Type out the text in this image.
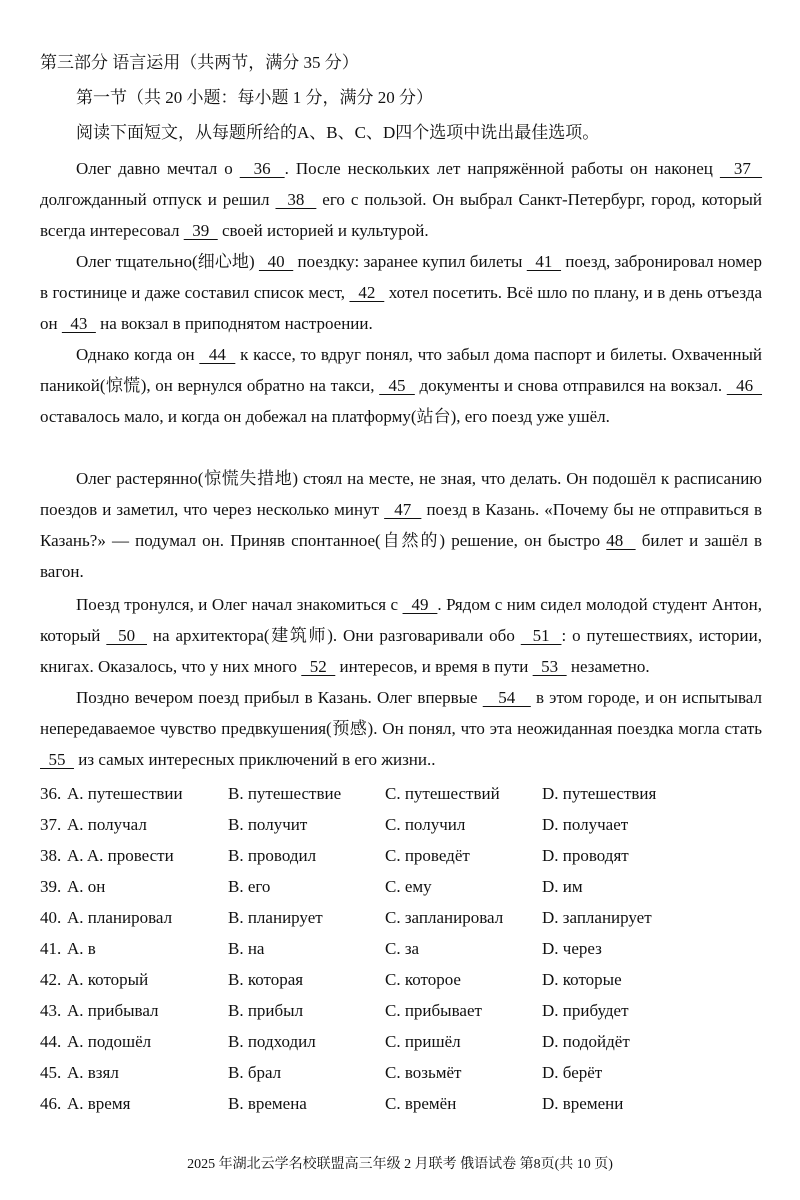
第三部分 语言运用（共两节，满分 35 分）
第一节（共 20 小题：每小题 1 分，满分 20 分）
阅读下面短文，从每题所给的A、B、C、D四个选项中诜出最佳选项。
Олег давно мечтал о   36  . После нескольких лет напряжённой работы он наконец   37   долгожданный отпуск и решил   38   его с пользой. Он выбрал Санкт-Петербург, город, который всегда интересовал   39   своей историей и культурой.
Олег тщательно(细心地)   40   поездку: заранее купил билеты   41   поезд, забронировал номер в гостинице и даже составил список мест,   42   хотел посетить. Всё шло по плану, и в день отъезда он   43   на вокзал в приподнятом настроении.
Однако когда он   44   к кассе, то вдруг понял, что забыл дома паспорт и билеты. Охваченный паникой(惊慌), он вернулся обратно на такси,   45   документы и снова отправился на вокзал.   46   оставалось мало, и когда он добежал на платформу(站台), его поезд уже ушёл.
Олег растерянно(惊慌失措地) стоял на месте, не зная, что делать. Он подошёл к расписанию поездов и заметил, что через несколько минут   47   поезд в Казань. «Почему бы не отправиться в Казань?» — подумал он. Приняв спонтанное(自然的) решение, он быстро 48   билет и зашёл в вагон.
Поезд тронулся, и Олег начал знакомиться с   49  . Рядом с ним сидел молодой студент Антон, который   50   на архитектора(建筑师). Они разговаривали обо   51  : о путешествиях, истории, книгах. Оказалось, что у них много   52   интересов, и время в пути   53   незаметно.
Поздно вечером поезд прибыл в Казань. Олег впервые    54    в этом городе, и он испытывал непередаваемое чувство предвкушения(预感). Он понял, что эта неожиданная поездка могла стать   55   из самых интересных приключений в его жизни..
36. A. путешествии	B. путешествие	C. путешествий D. путешествия
37. A. получал	B. получит	C. получил	D. получает
38. A. A. провести	B. проводил	C. проведёт	D. проводят
39. A. он	B. его	C. ему	D. им
40. A. планировал	B. планирует	C. запланировал D. запланирует
41. A. в	B. на	C. за	D. через
42. A. который	B. которая	C. которое	D. которые
43. A. прибывал	B. прибыл	C. прибывает	D. прибудет
44. A. подошёл	B. подходил	C. пришёл	D. подойдёт
45. A. взял	B. брал	C. возьмёт	D. берёт
46. A. время	B. времена	C. времён	D. времени
2025 年湖北云学名校联盟高三年级 2 月联考 俄语试卷 第8页(共 10 页)
